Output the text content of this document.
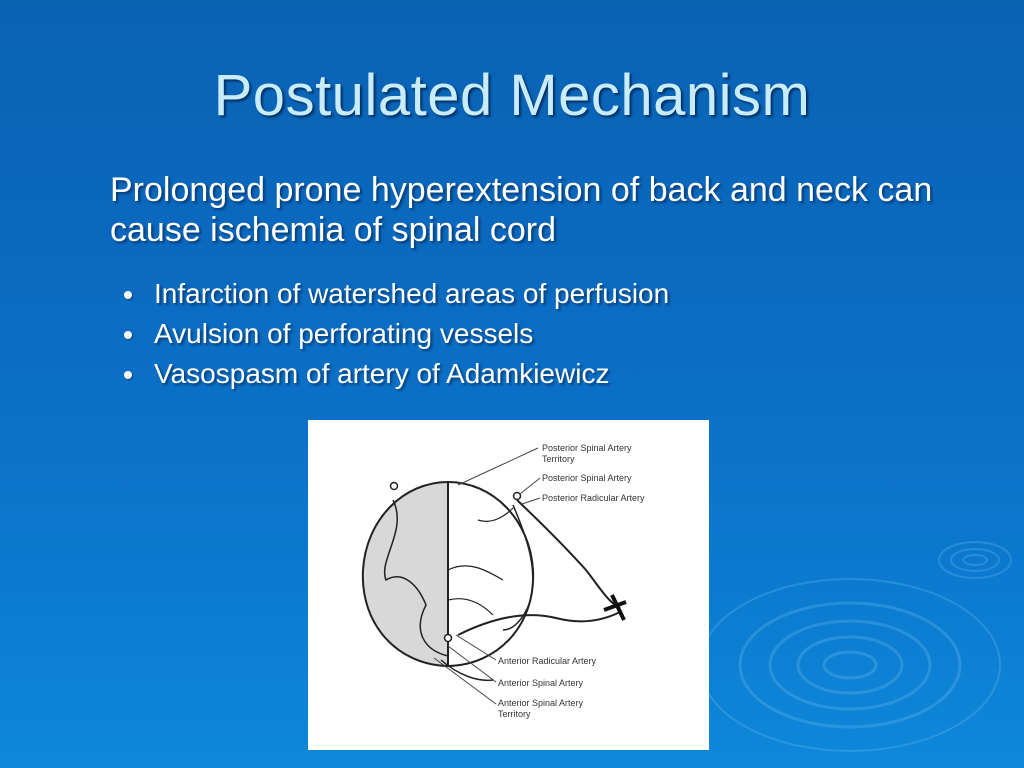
Postulated Mechanism
Prolonged prone hyperextension of back and neck can cause ischemia of spinal cord
Infarction of watershed areas of perfusion
Avulsion of perforating vessels
Vasospasm of artery of Adamkiewicz
Posterior Spinal Artery
Territory
Posterior Spinal Artery
Posterior Radicular Artery
Anterior Radicular Artery
Anterior Spinal Artery
Anterior Spinal Artery
Territory
